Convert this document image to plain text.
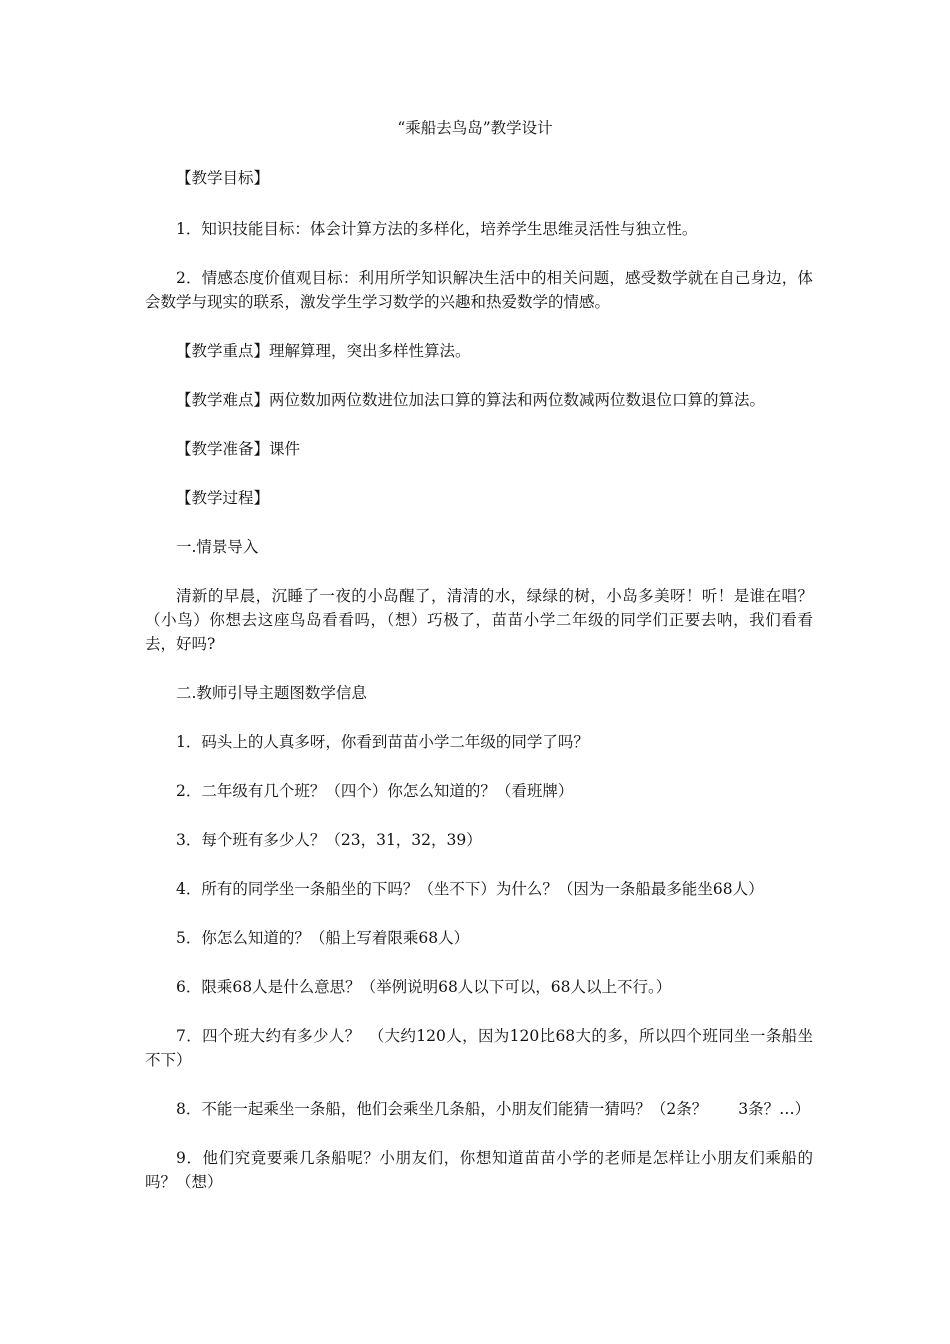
“乘船去鸟岛”教学设计

【教学目标】

1．知识技能目标：体会计算方法的多样化，培养学生思维灵活性与独立性。

2．情感态度价值观目标：利用所学知识解决生活中的相关问题，感受数学就在自己身边，体会数学与现实的联系，激发学生学习数学的兴趣和热爱数学的情感。

【教学重点】理解算理，突出多样性算法。

【教学难点】两位数加两位数进位加法口算的算法和两位数减两位数退位口算的算法。

【教学准备】课件

【教学过程】

一.情景导入

清新的早晨，沉睡了一夜的小岛醒了，清清的水，绿绿的树，小岛多美呀！听！是谁在唱？（小鸟）你想去这座鸟岛看看吗，（想）巧极了，苗苗小学二年级的同学们正要去呐，我们看看去，好吗?

二.教师引导主题图数学信息

1．码头上的人真多呀，你看到苗苗小学二年级的同学了吗？

2．二年级有几个班？（四个）你怎么知道的？（看班牌）

3．每个班有多少人？（23，31，32，39）

4．所有的同学坐一条船坐的下吗？（坐不下）为什么？（因为一条船最多能坐68人）

5．你怎么知道的？（船上写着限乘68人）

6．限乘68人是什么意思？（举例说明68人以下可以，68人以上不行。）

7．四个班大约有多少人？　（大约120人，因为120比68大的多，所以四个班同坐一条船坐不下）

8．不能一起乘坐一条船，他们会乘坐几条船，小朋友们能猜一猜吗？（2条？　　3条？…）

9．他们究竟要乘几条船呢？小朋友们，你想知道苗苗小学的老师是怎样让小朋友们乘船的吗？（想）
